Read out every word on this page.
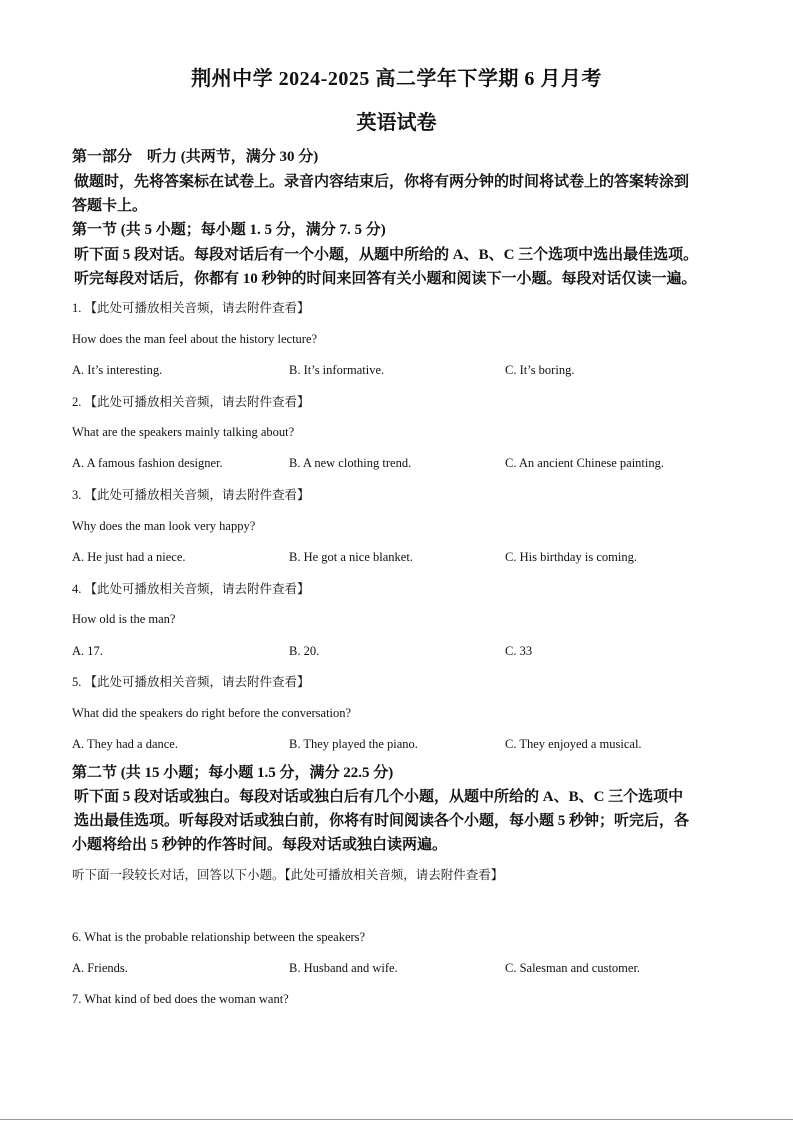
荆州中学 2024-2025 高二学年下学期 6 月月考
英语试卷
第一部分　听力 (共两节，满分 30 分)
做题时，先将答案标在试卷上。录音内容结束后，你将有两分钟的时间将试卷上的答案转涂到
答题卡上。
第一节 (共 5 小题；每小题 1. 5 分，满分 7. 5 分)
听下面 5 段对话。每段对话后有一个小题，从题中所给的 A、B、C 三个选项中选出最佳选项。
听完每段对话后，你都有 10 秒钟的时间来回答有关小题和阅读下一小题。每段对话仅读一遍。
1. 【此处可播放相关音频，请去附件查看】
How does the man feel about the history lecture?
A. It’s interesting.	B. It’s informative.	C. It’s boring.
2. 【此处可播放相关音频，请去附件查看】
What are the speakers mainly talking about?
A. A famous fashion designer.	B. A new clothing trend.	C. An ancient Chinese painting.
3. 【此处可播放相关音频，请去附件查看】
Why does the man look very happy?
A. He just had a niece.	B. He got a nice blanket.	C. His birthday is coming.
4. 【此处可播放相关音频，请去附件查看】
How old is the man?
A. 17.	B. 20.	C. 33
5. 【此处可播放相关音频，请去附件查看】
What did the speakers do right before the conversation?
A. They had a dance.	B. They played the piano.	C. They enjoyed a musical.
第二节 (共 15 小题；每小题 1.5 分，满分 22.5 分)
听下面 5 段对话或独白。每段对话或独白后有几个小题，从题中所给的 A、B、C 三个选项中
选出最佳选项。听每段对话或独白前，你将有时间阅读各个小题，每小题 5 秒钟；听完后，各
小题将给出 5 秒钟的作答时间。每段对话或独白读两遍。
听下面一段较长对话，回答以下小题。【此处可播放相关音频，请去附件查看】
6. What is the probable relationship between the speakers?
A. Friends.	B. Husband and wife.	C. Salesman and customer.
7. What kind of bed does the woman want?
